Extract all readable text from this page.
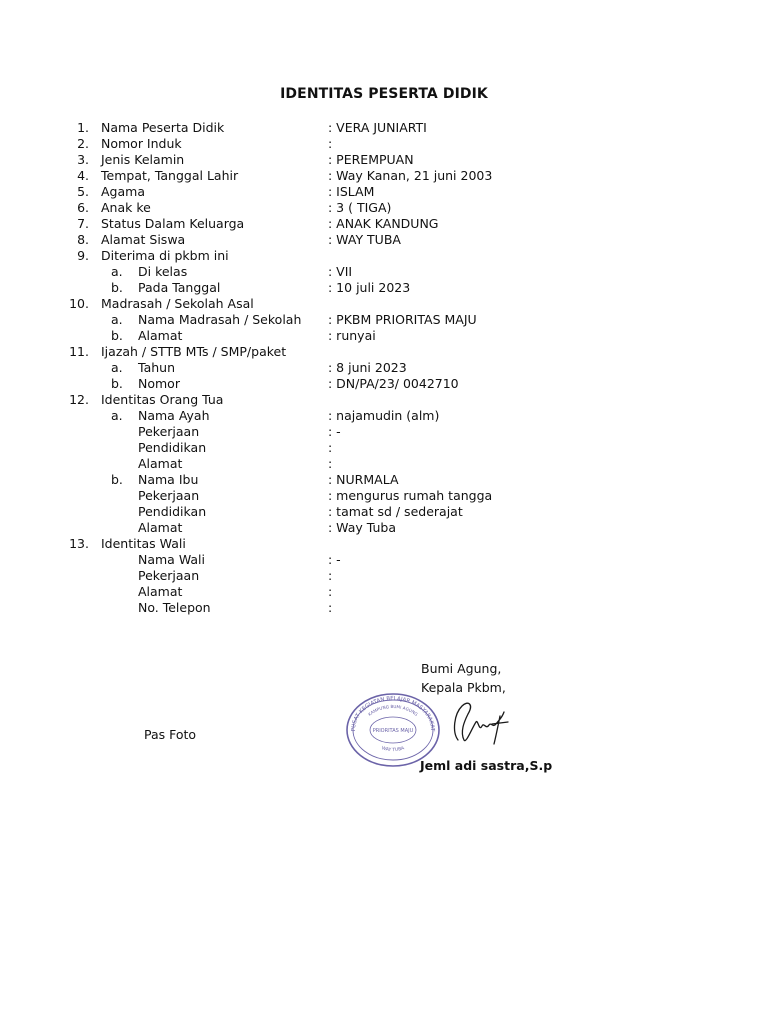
IDENTITAS PESERTA DIDIK
1. Nama Peserta Didik	: VERA JUNIARTI
2. Nomor Induk	:
3. Jenis Kelamin	: PEREMPUAN
4. Tempat, Tanggal Lahir	: Way Kanan, 21 juni 2003
5. Agama	: ISLAM
6. Anak ke	: 3 ( TIGA)
7. Status Dalam Keluarga	: ANAK KANDUNG
8. Alamat Siswa	: WAY TUBA
9. Diterima di pkbm ini
a. Di kelas	: VII
b. Pada Tanggal	: 10 juli 2023
10. Madrasah / Sekolah Asal
a. Nama Madrasah / Sekolah : PKBM PRIORITAS MAJU
b. Alamat	: runyai
11. Ijazah / STTB MTs / SMP/paket
a. Tahun	: 8 juni 2023
b. Nomor	: DN/PA/23/ 0042710
12. Identitas Orang Tua
a. Nama Ayah	: najamudin (alm)
Pekerjaan	: -
Pendidikan	:
Alamat	:
b. Nama Ibu	: NURMALA
Pekerjaan	: mengurus rumah tangga
Pendidikan	: tamat sd / sederajat
Alamat	: Way Tuba
13. Identitas Wali
Nama Wali	: -
Pekerjaan	:
Alamat	:
No. Telepon	:
Bumi Agung,
Kepala Pkbm,
Pas Foto	PUSAT KEGIATAN BELAJAR MASYARAKAT
KAMPUNG BUMI AGUNG
PRIORITAS MAJU
WAY TUBA
Jeml adi sastra,S.p
